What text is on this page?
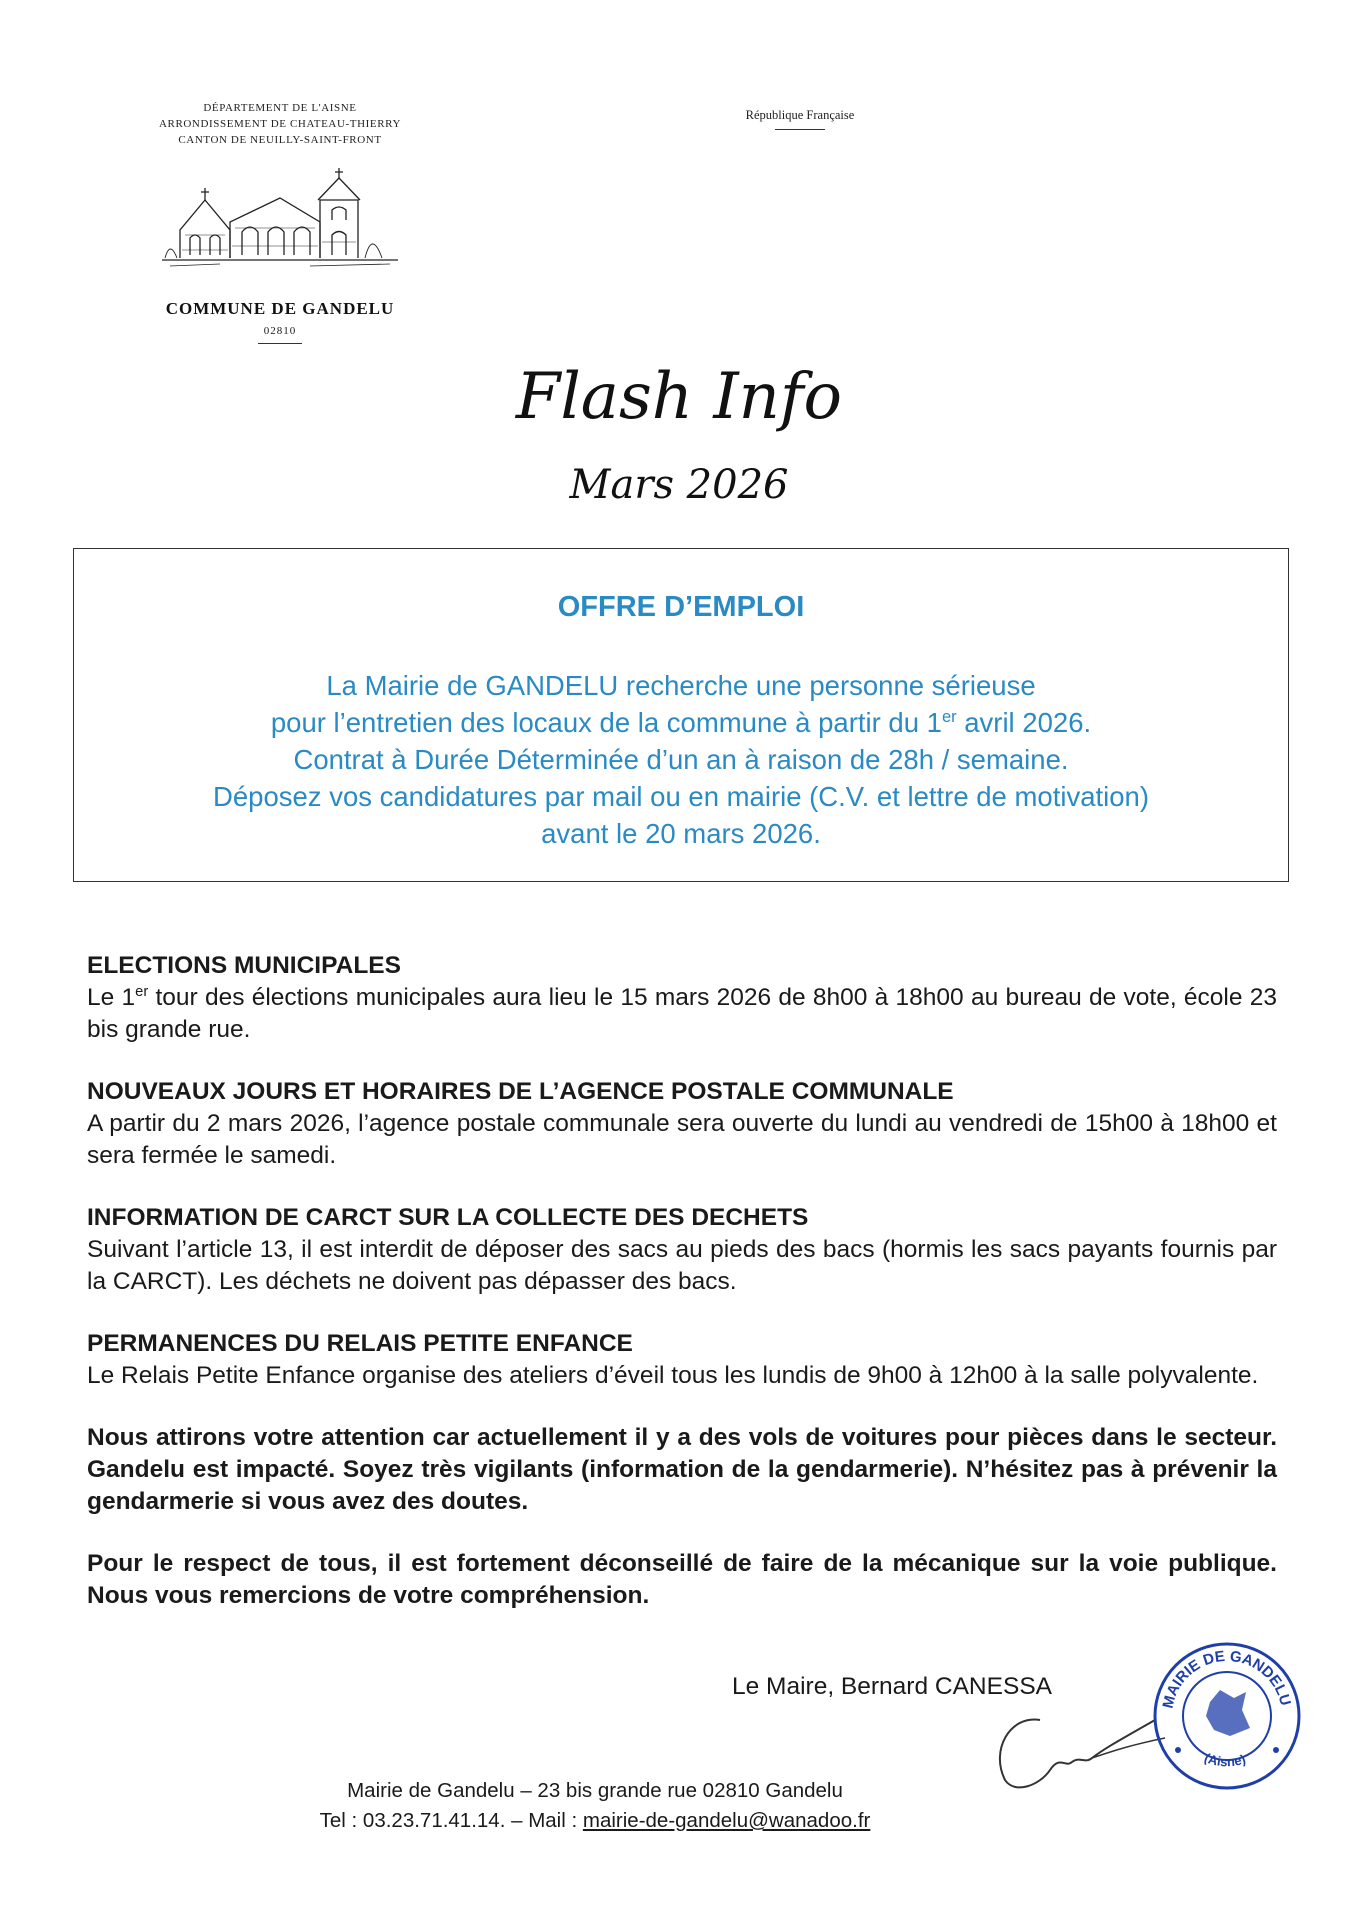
DÉPARTEMENT DE L'AISNE
ARRONDISSEMENT DE CHATEAU-THIERRY
CANTON DE NEUILLY-SAINT-FRONT
COMMUNE DE GANDELU
02810
République Française
Flash Info
Mars 2026
OFFRE D’EMPLOI
La Mairie de GANDELU recherche une personne sérieuse
pour l’entretien des locaux de la commune à partir du 1er avril 2026.
Contrat à Durée Déterminée d’un an à raison de 28h / semaine.
Déposez vos candidatures par mail ou en mairie (C.V. et lettre de motivation)
avant le 20 mars 2026.
ELECTIONS MUNICIPALES
Le 1er tour des élections municipales aura lieu le 15 mars 2026 de 8h00 à 18h00 au bureau de vote, école 23 bis grande rue.
NOUVEAUX JOURS ET HORAIRES DE L’AGENCE POSTALE COMMUNALE
A partir du 2 mars 2026, l’agence postale communale sera ouverte du lundi au vendredi de 15h00 à 18h00 et sera fermée le samedi.
INFORMATION DE CARCT SUR LA COLLECTE DES DECHETS
Suivant l’article 13, il est interdit de déposer des sacs au pieds des bacs (hormis les sacs payants fournis par la CARCT). Les déchets ne doivent pas dépasser des bacs.
PERMANENCES DU RELAIS PETITE ENFANCE
Le Relais Petite Enfance organise des ateliers d’éveil tous les lundis de 9h00 à 12h00 à la salle polyvalente.
Nous attirons votre attention car actuellement il y a des vols de voitures pour pièces dans le secteur. Gandelu est impacté. Soyez très vigilants (information de la gendarmerie). N’hésitez pas à prévenir la gendarmerie si vous avez des doutes.
Pour le respect de tous, il est fortement déconseillé de faire de la mécanique sur la voie publique. Nous vous remercions de votre compréhension.
Le Maire, Bernard CANESSA
MAIRIE DE GANDELU
(Aisne)
Mairie de Gandelu – 23 bis grande rue 02810 Gandelu
Tel : 03.23.71.41.14. – Mail : mairie-de-gandelu@wanadoo.fr
